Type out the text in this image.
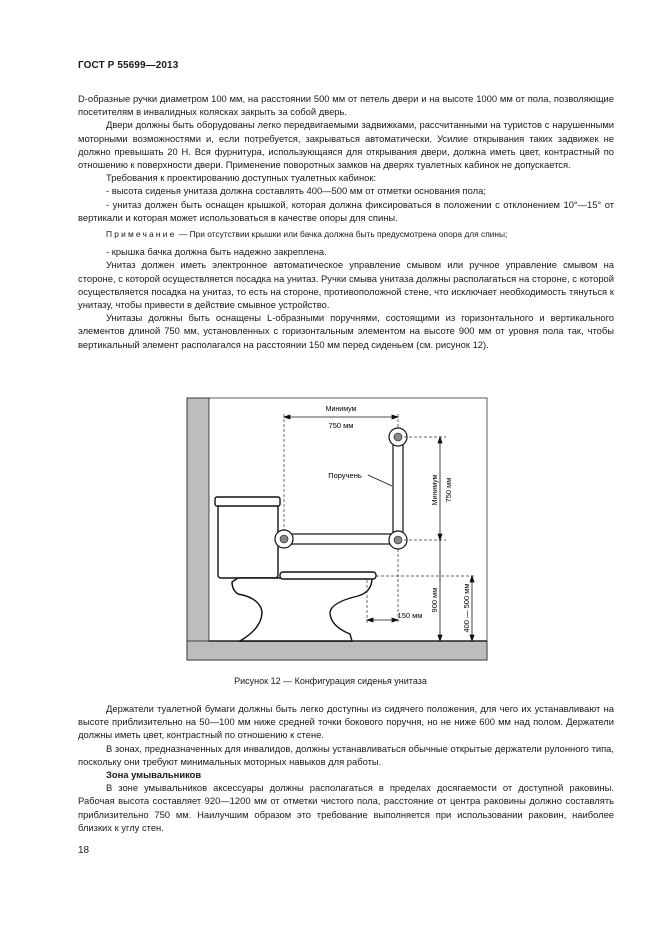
ГОСТ Р 55699—2013

D-образные ручки диаметром 100 мм, на расстоянии 500 мм от петель двери и на высоте 1000 мм от пола, позволяющие посетителям в инвалидных колясках закрыть за собой дверь.

Двери должны быть оборудованы легко передвигаемыми задвижками, рассчитанными на туристов с нарушенными моторными возможностями и, если потребуется, закрываться автоматически. Усилие открывания таких задвижек не должно превышать 20 Н. Вся фурнитура, использующаяся для открывания двери, должна иметь цвет, контрастный по отношению к поверхности двери. Применение поворотных замков на дверях туалетных кабинок не допускается.

Требования к проектированию доступных туалетных кабинок:

- высота сиденья унитаза должна составлять 400—500 мм от отметки основания пола;

- унитаз должен быть оснащен крышкой, которая должна фиксироваться в положении с отклонением 10°—15° от вертикали и которая может использоваться в качестве опоры для спины.

Примечание — При отсутствии крышки или бачка должна быть предусмотрена опора для спины;

- крышка бачка должна быть надежно закреплена.

Унитаз должен иметь электронное автоматическое управление смывом или ручное управление смывом на стороне, с которой осуществляется посадка на унитаз. Ручки смыва унитаза должны располагаться на стороне, с которой осуществляется посадка на унитаз, то есть на стороне, противоположной стене, что исключает необходимость тянуться к унитазу, чтобы привести в действие смывное устройство.

Унитазы должны быть оснащены L-образными поручнями, состоящими из горизонтального и вертикального элементов длиной 750 мм, установленных с горизонтальным элементом на высоте 900 мм от уровня пола так, чтобы вертикальный элемент располагался на расстоянии 150 мм перед сиденьем (см. рисунок 12).

Минимум
750 мм
Поручень	Минимум 750 мм
900 мм	400 — 500 мм
150 мм
Рисунок 12 — Конфигурация сиденья унитаза

Держатели туалетной бумаги должны быть легко доступны из сидячего положения, для чего их устанавливают на высоте приблизительно на 50—100 мм ниже средней точки бокового поручня, но не ниже 600 мм над полом. Держатели должны иметь цвет, контрастный по отношению к стене.

В зонах, предназначенных для инвалидов, должны устанавливаться обычные открытые держатели рулонного типа, поскольку они требуют минимальных моторных навыков для работы.

Зона умывальников

В зоне умывальников аксессуары должны располагаться в пределах досягаемости от доступной раковины. Рабочая высота составляет 920—1200 мм от отметки чистого пола, расстояние от центра раковины должно составлять приблизительно 750 мм. Наилучшим образом это требование выполняется при использовании раковин, наиболее близких к углу стен.

18
